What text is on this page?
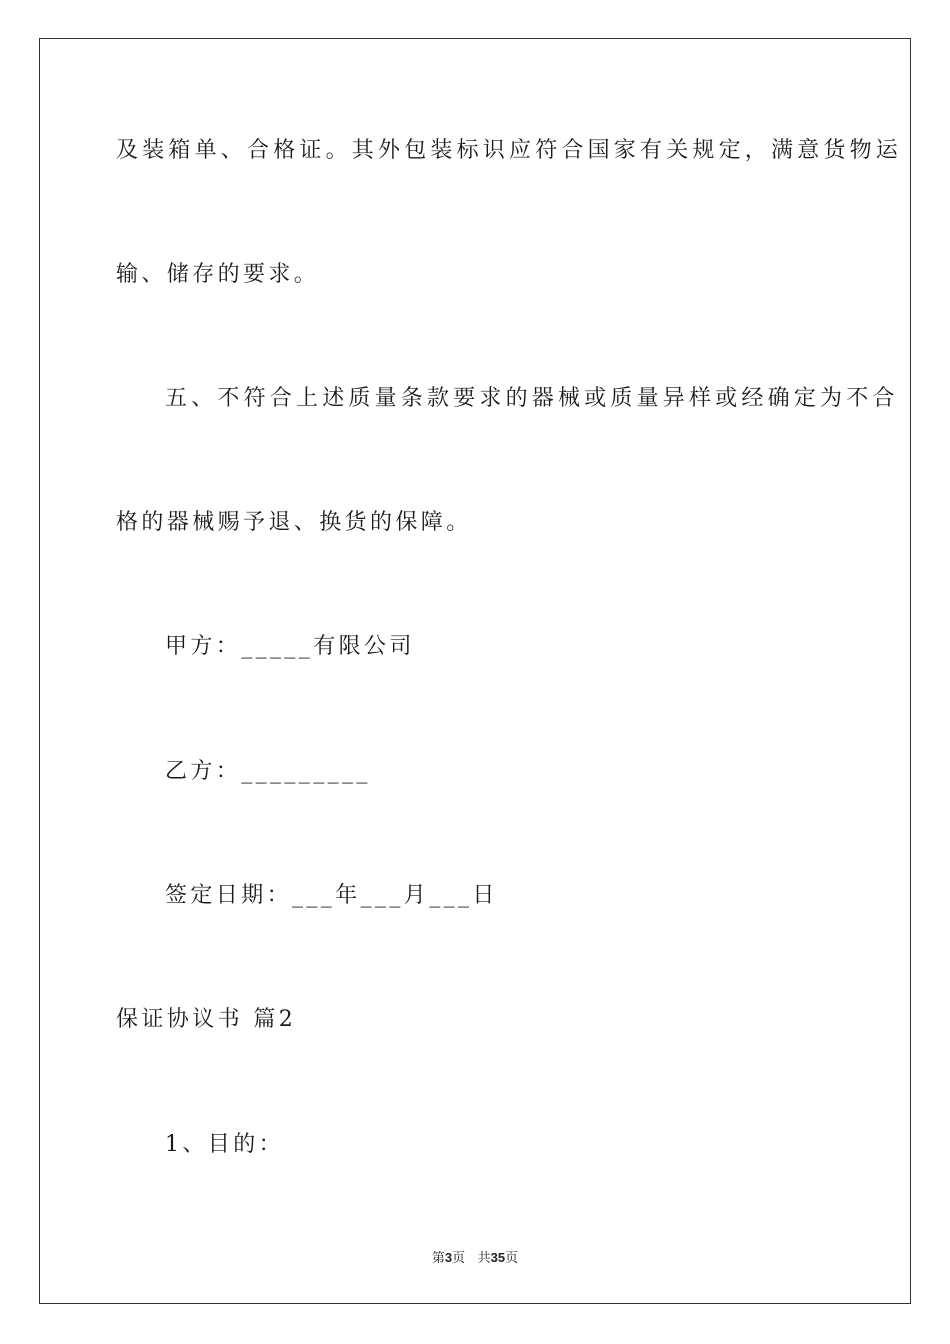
及装箱单、合格证。其外包装标识应符合国家有关规定，满意货物运
输、储存的要求。
五、不符合上述质量条款要求的器械或质量异样或经确定为不合
格的器械赐予退、换货的保障。
甲方：_____有限公司
乙方：_________
签定日期：___年___月___日
保证协议书 篇2
1、目的：
第3页 共35页
